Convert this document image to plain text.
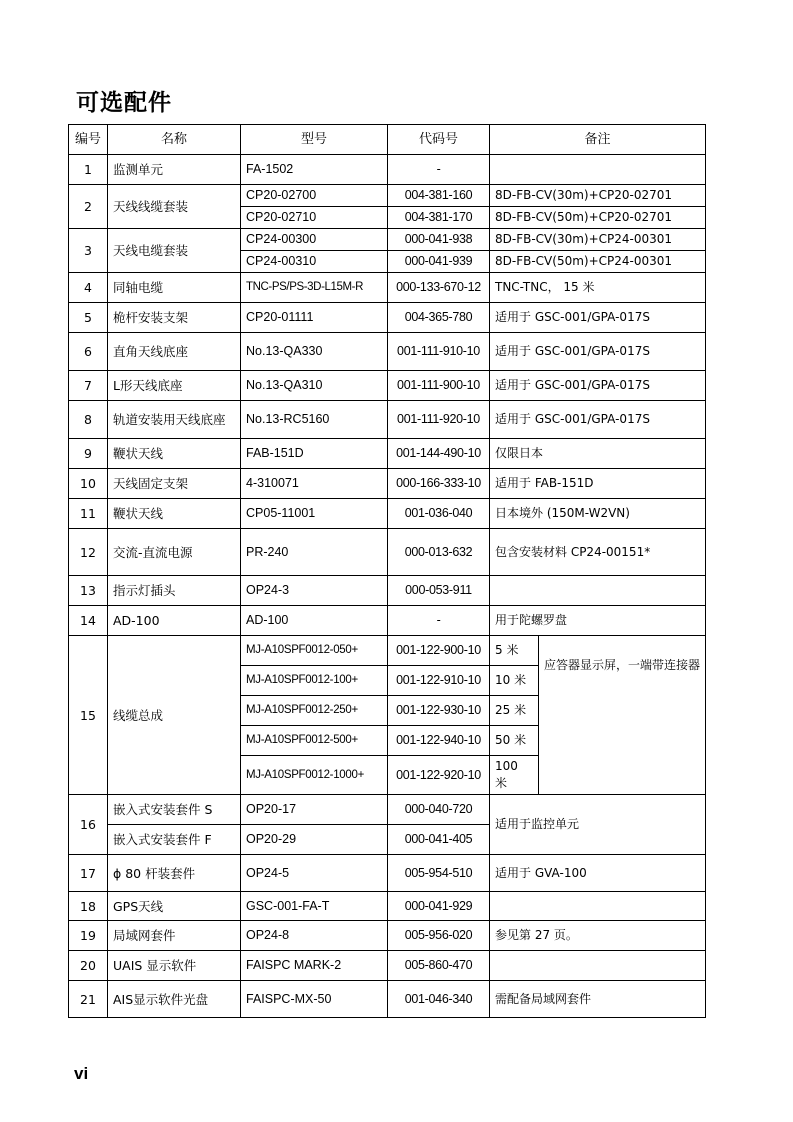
可选配件
编号	名称	型号	代码号	备注	
1	监测单元	FA-1502	-		
2	天线线缆套装	CP20-02700	004-381-160	8D-FB-CV(30m)+CP20-02701	
		CP20-02710	004-381-170	8D-FB-CV(50m)+CP20-02701	
3	天线电缆套装	CP24-00300	000-041-938	8D-FB-CV(30m)+CP24-00301	
		CP24-00310	000-041-939	8D-FB-CV(50m)+CP24-00301	
4	同轴电缆	TNC-PS/PS-3D-L15M-R	000-133-670-12	TNC-TNC， 15 米	
5	桅杆安装支架	CP20-01111	004-365-780	适用于 GSC-001/GPA-017S	
6	直角天线底座	No.13-QA330	001-111-910-10	适用于 GSC-001/GPA-017S	
7	L形天线底座	No.13-QA310	001-111-900-10	适用于 GSC-001/GPA-017S	
8	轨道安装用天线底座	No.13-RC5160	001-111-920-10	适用于 GSC-001/GPA-017S	
9	鞭状天线	FAB-151D	001-144-490-10	仅限日本	
10	天线固定支架	4-310071	000-166-333-10	适用于 FAB-151D	
11	鞭状天线	CP05-11001	001-036-040	日本境外 (150M-W2VN)	
12	交流-直流电源	PR-240	000-013-632	包含安装材料 CP24-00151*	
13	指示灯插头	OP24-3	000-053-911		
14	AD-100	AD-100	-	用于陀螺罗盘	
15	线缆总成	MJ-A10SPF0012-050+	001-122-900-10	5 米	应答器显示屏，一端带连接器
		MJ-A10SPF0012-100+	001-122-910-10	10 米	
		MJ-A10SPF0012-250+	001-122-930-10	25 米	
		MJ-A10SPF0012-500+	001-122-940-10	50 米	
		MJ-A10SPF0012-1000+	001-122-920-10	100 米	
16	嵌入式安装套件 S	OP20-17	000-040-720	适用于监控单元	
	嵌入式安装套件 F	OP20-29	000-041-405		
17	ϕ 80 杆装套件	OP24-5	005-954-510	适用于 GVA-100	
18	GPS天线	GSC-001-FA-T	000-041-929		
19	局域网套件	OP24-8	005-956-020	参见第 27 页。	
20	UAIS 显示软件	FAISPC MARK-2	005-860-470		
21	AIS显示软件光盘	FAISPC-MX-50	001-046-340	需配备局域网套件	
vi
